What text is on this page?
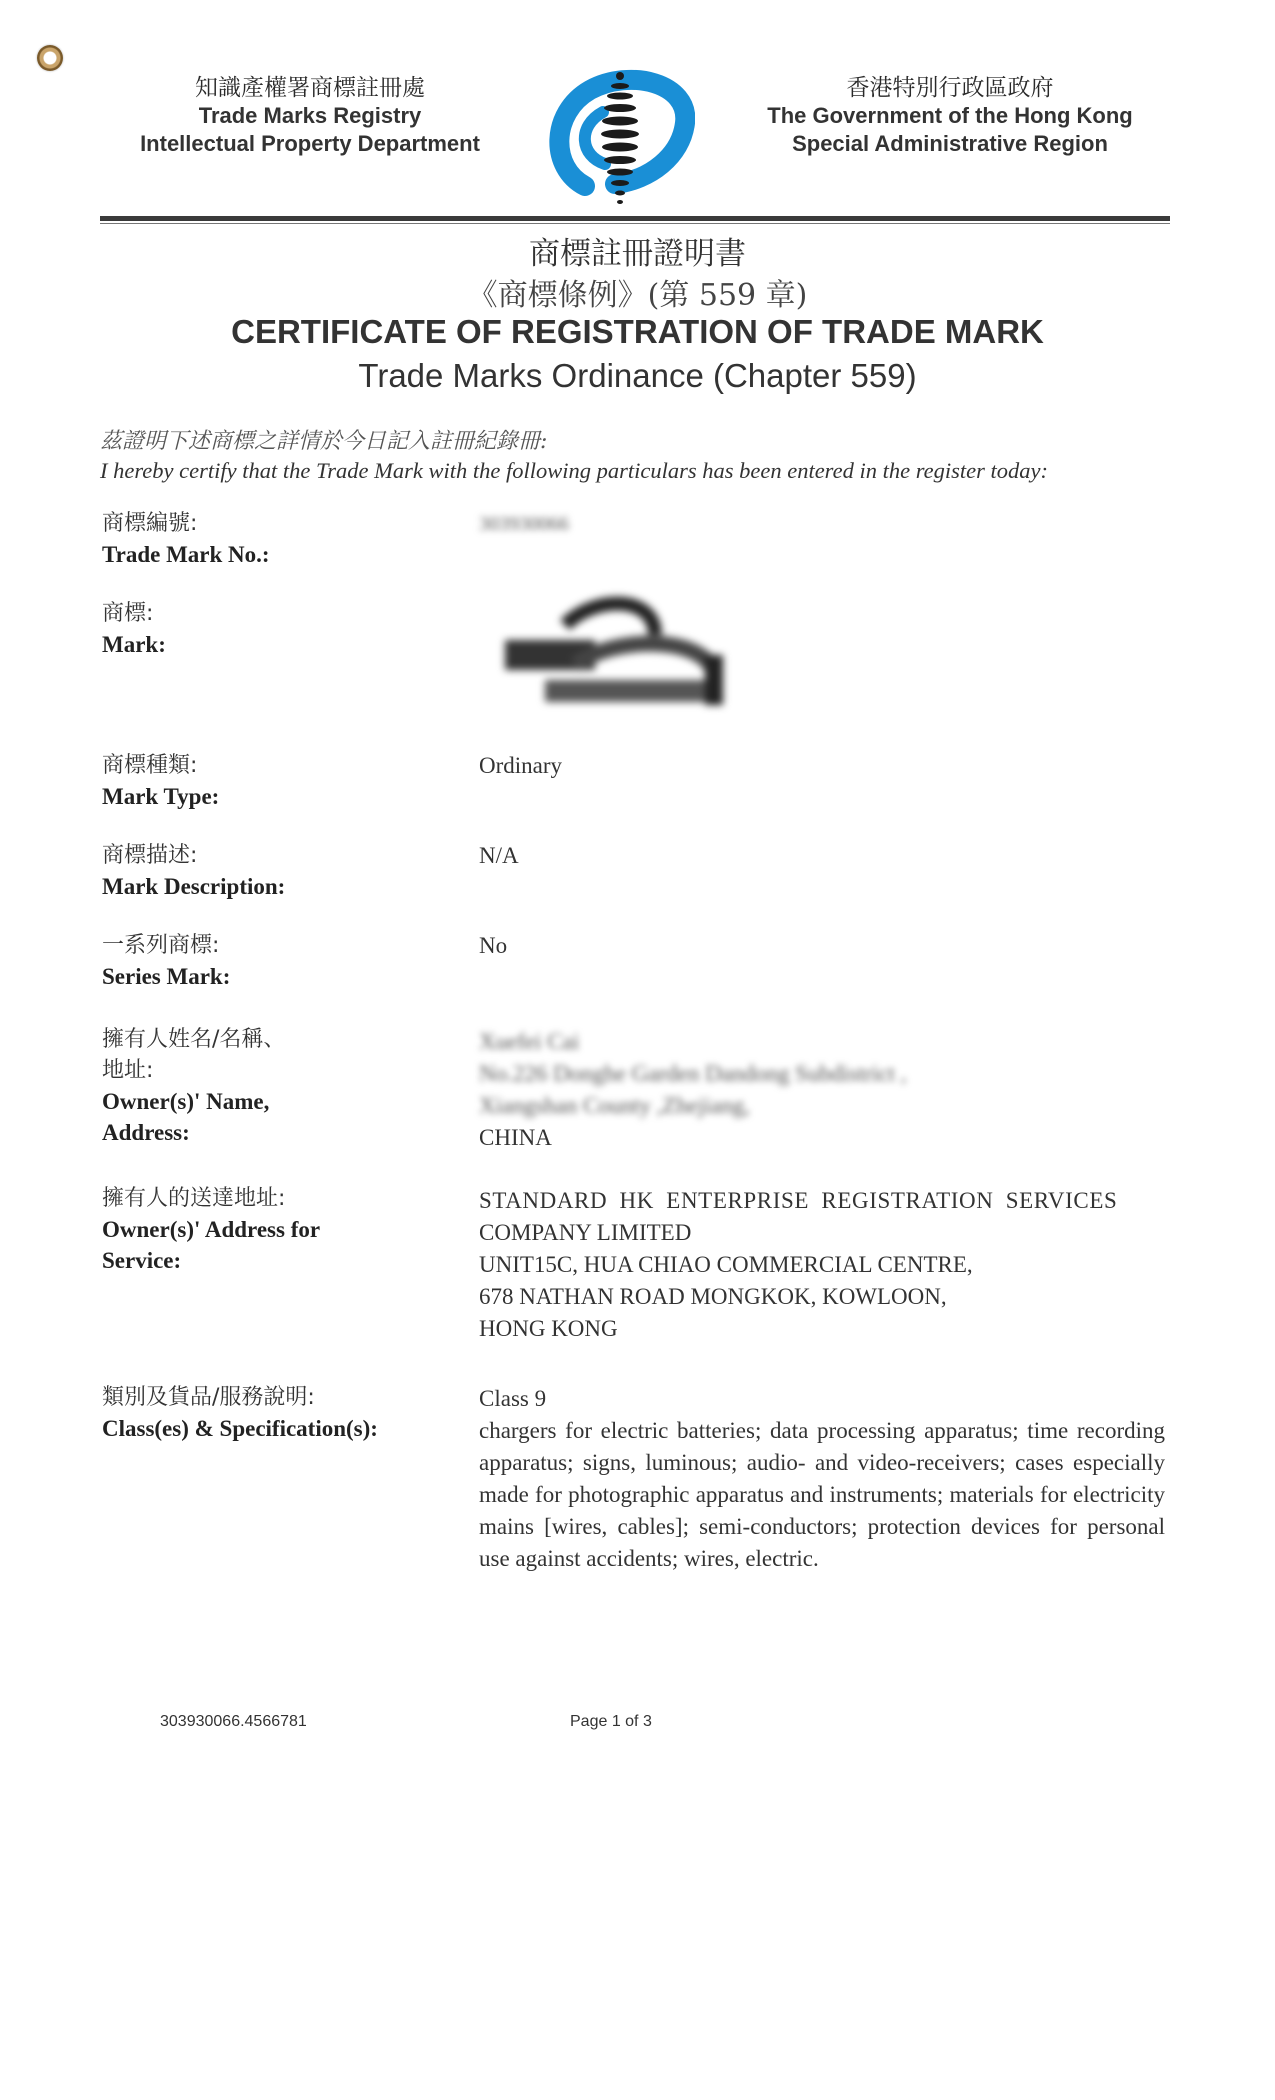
知識產權署商標註冊處
Trade Marks Registry
Intellectual Property Department
香港特別行政區政府
The Government of the Hong Kong
Special Administrative Region
商標註冊證明書
《商標條例》(第 559 章)
CERTIFICATE OF REGISTRATION OF TRADE MARK
Trade Marks Ordinance (Chapter 559)
茲證明下述商標之詳情於今日記入註冊紀錄冊:
I hereby certify that the Trade Mark with the following particulars has been entered in the register today:
商標編號:
Trade Mark No.:
303930066
商標:
Mark:
商標種類:
Mark Type:
Ordinary
商標描述:
Mark Description:
N/A
一系列商標:
Series Mark:
No
擁有人姓名/名稱、
地址:
Owner(s)' Name,
Address:
Xuefei Cai
No.226 Donghe Garden Dandong Subdistrict ,
Xiangshan County ,Zhejiang,
CHINA
擁有人的送達地址:
Owner(s)' Address for
Service:
STANDARD HK ENTERPRISE REGISTRATION SERVICES
COMPANY LIMITED
UNIT15C, HUA CHIAO COMMERCIAL CENTRE,
678 NATHAN ROAD MONGKOK, KOWLOON,
HONG KONG
類別及貨品/服務說明:
Class(es) & Specification(s):
Class 9
chargers for electric batteries; data processing apparatus; time recording apparatus; signs, luminous; audio- and video-receivers; cases especially made for photographic apparatus and instruments; materials for electricity mains [wires, cables]; semi-conductors; protection devices for personal use against accidents; wires, electric.
303930066.4566781	Page 1 of 3
